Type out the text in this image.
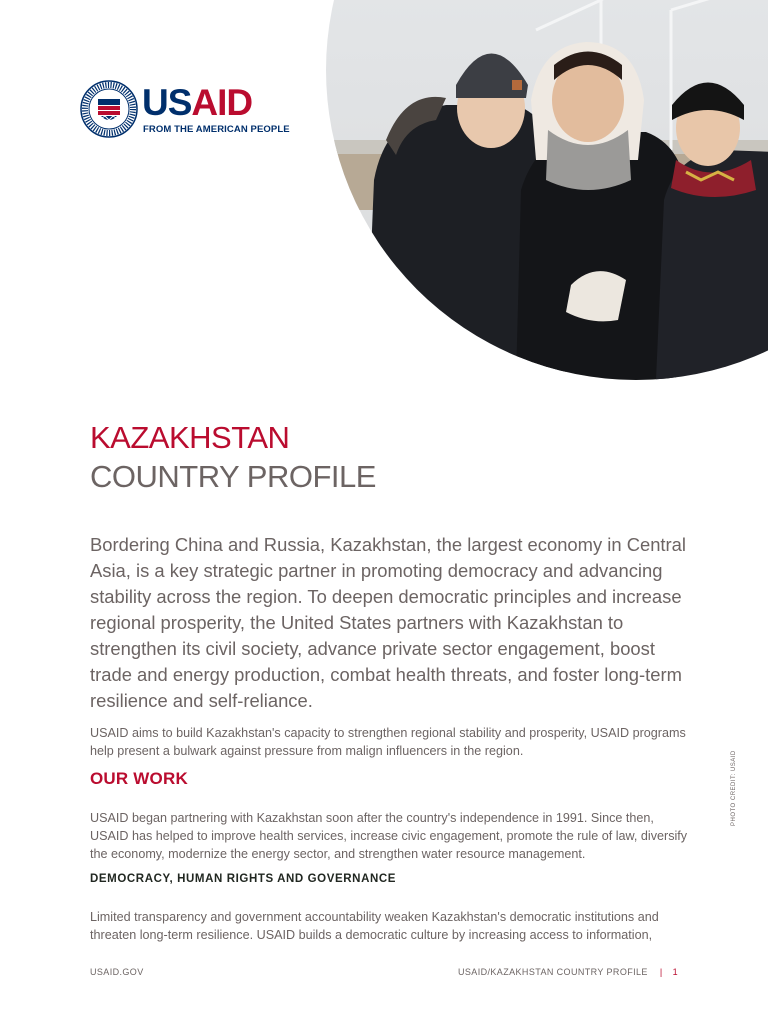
USAID
FROM THE AMERICAN PEOPLE
KAZAKHSTAN
COUNTRY PROFILE

Bordering China and Russia, Kazakhstan, the largest economy in Central Asia, is a key strategic partner in promoting democracy and advancing stability across the region. To deepen democratic principles and increase regional prosperity, the United States partners with Kazakhstan to strengthen its civil society, advance private sector engagement, boost trade and energy production, combat health threats, and foster long-term resilience and self-reliance.

USAID aims to build Kazakhstan's capacity to strengthen regional stability and prosperity, USAID programs help present a bulwark against pressure from malign influencers in the region.

OUR WORK

USAID began partnering with Kazakhstan soon after the country's independence in 1991. Since then, USAID has helped to improve health services, increase civic engagement, promote the rule of law, diversify the economy, modernize the energy sector, and strengthen water resource management.

DEMOCRACY, HUMAN RIGHTS AND GOVERNANCE

Limited transparency and government accountability weaken Kazakhstan's democratic institutions and threaten long-term resilience. USAID builds a democratic culture by increasing access to information,

PHOTO CREDIT: USAID
USAID.GOV	USAID/KAZAKHSTAN COUNTRY PROFILE | 1
